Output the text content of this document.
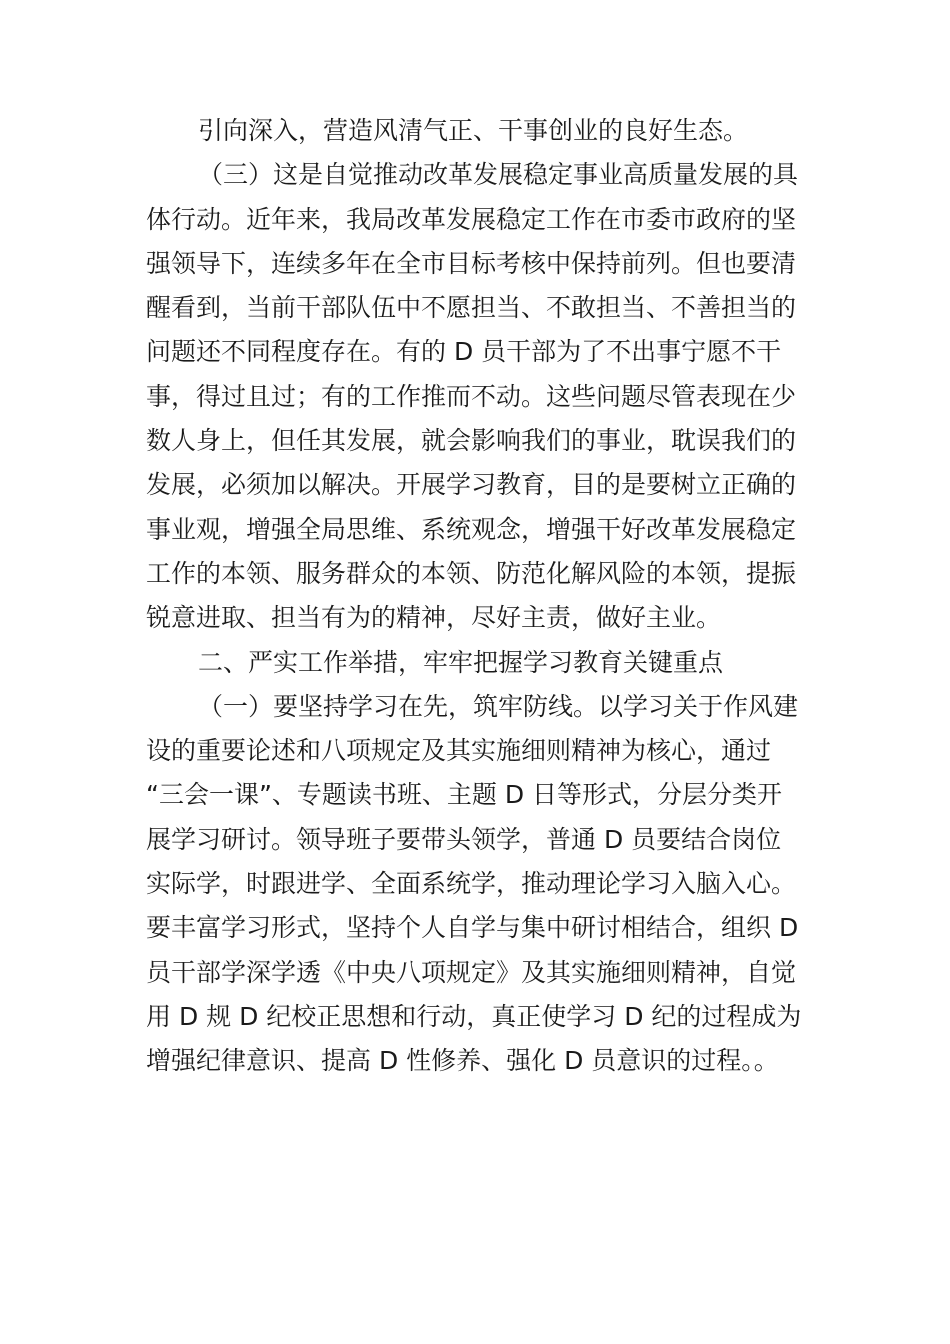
引向深入，营造风清气正、干事创业的良好生态。
（三）这是自觉推动改革发展稳定事业高质量发展的具
体行动。近年来，我局改革发展稳定工作在市委市政府的坚
强领导下，连续多年在全市目标考核中保持前列。但也要清
醒看到，当前干部队伍中不愿担当、不敢担当、不善担当的
问题还不同程度存在。有的 D 员干部为了不出事宁愿不干
事，得过且过；有的工作推而不动。这些问题尽管表现在少
数人身上，但任其发展，就会影响我们的事业，耽误我们的
发展，必须加以解决。开展学习教育，目的是要树立正确的
事业观，增强全局思维、系统观念，增强干好改革发展稳定
工作的本领、服务群众的本领、防范化解风险的本领，提振
锐意进取、担当有为的精神，尽好主责，做好主业。
二、严实工作举措，牢牢把握学习教育关键重点
（一）要坚持学习在先，筑牢防线。以学习关于作风建
设的重要论述和八项规定及其实施细则精神为核心，通过
“三会一课”、专题读书班、主题 D 日等形式，分层分类开
展学习研讨。领导班子要带头领学，普通 D 员要结合岗位
实际学，时跟进学、全面系统学，推动理论学习入脑入心。
要丰富学习形式，坚持个人自学与集中研讨相结合，组织 D
员干部学深学透《中央八项规定》及其实施细则精神，自觉
用 D 规 D 纪校正思想和行动，真正使学习 D 纪的过程成为
增强纪律意识、提高 D 性修养、强化 D 员意识的过程。。
